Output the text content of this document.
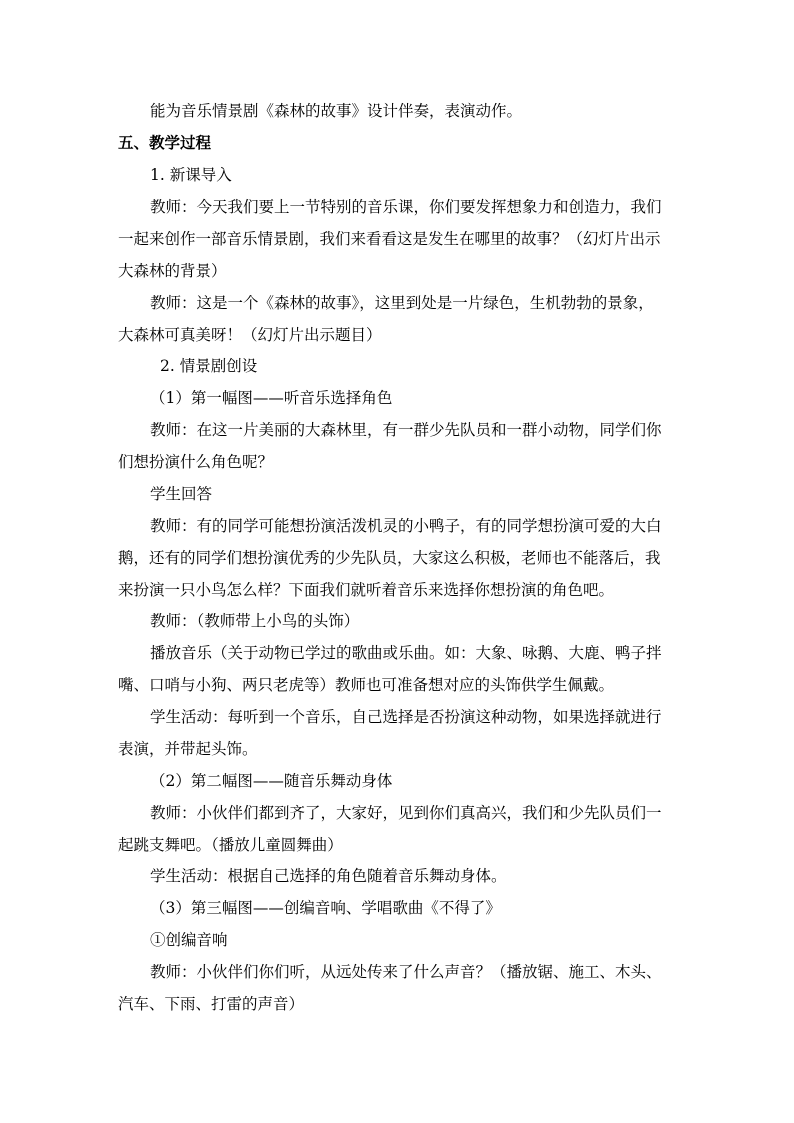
能为音乐情景剧《森林的故事》设计伴奏，表演动作。
五、教学过程
1. 新课导入
教师：今天我们要上一节特别的音乐课，你们要发挥想象力和创造力，我们
一起来创作一部音乐情景剧，我们来看看这是发生在哪里的故事？（幻灯片出示
大森林的背景）
教师：这是一个《森林的故事》，这里到处是一片绿色，生机勃勃的景象，
大森林可真美呀！（幻灯片出示题目）
2. 情景剧创设
（1）第一幅图——听音乐选择角色
教师：在这一片美丽的大森林里，有一群少先队员和一群小动物，同学们你
们想扮演什么角色呢？
学生回答
教师：有的同学可能想扮演活泼机灵的小鸭子，有的同学想扮演可爱的大白
鹅，还有的同学们想扮演优秀的少先队员，大家这么积极，老师也不能落后，我
来扮演一只小鸟怎么样？下面我们就听着音乐来选择你想扮演的角色吧。
教师：（教师带上小鸟的头饰）
播放音乐（关于动物已学过的歌曲或乐曲。如：大象、咏鹅、大鹿、鸭子拌
嘴、口哨与小狗、两只老虎等）教师也可准备想对应的头饰供学生佩戴。
学生活动：每听到一个音乐，自己选择是否扮演这种动物，如果选择就进行
表演，并带起头饰。
（2）第二幅图——随音乐舞动身体
教师：小伙伴们都到齐了，大家好，见到你们真高兴，我们和少先队员们一
起跳支舞吧。（播放儿童圆舞曲）
学生活动：根据自己选择的角色随着音乐舞动身体。
（3）第三幅图——创编音响、学唱歌曲《不得了》
①创编音响
教师：小伙伴们你们听，从远处传来了什么声音？（播放锯、施工、木头、
汽车、下雨、打雷的声音）
